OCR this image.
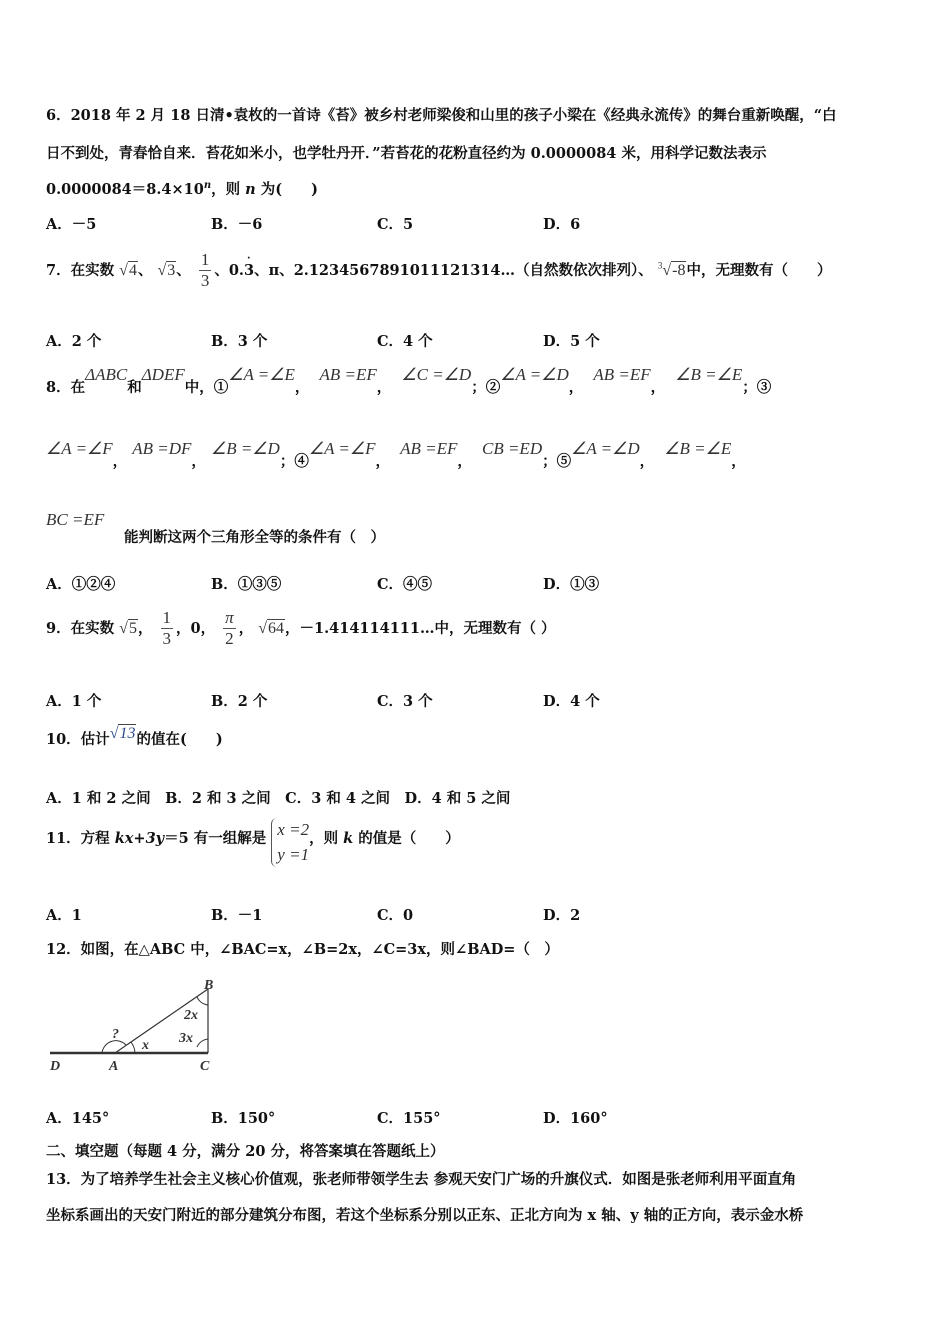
6．2018 年 2 月 18 日清•袁枚的一首诗《苔》被乡村老师梁俊和山里的孩子小梁在《经典永流传》的舞台重新唤醒，“白
日不到处，青春恰自来．苔花如米小，也学牡丹开．”若苔花的花粉直径约为 0.0000084 米，用科学记数法表示
$0.0000084=8.4\times 10^n$，则 n 为(　　)
A．－5	B．－6	C．5	D．6
7．在实数 √4、 √3、 $\frac{1}{3}$ 、0.
·
3、π、2.1234567891011121314…（自然数依次排列）、 $^3$√-8中，无理数有（　　）
A．2 个	B．3 个	C．4 个	D．5 个
8．在ΔABC和ΔDEF中，①∠A =∠E，  AB =EF，  ∠C =∠D；②∠A =∠D，  AB =EF，  ∠B =∠E；③
∠A =∠F， AB =DF， ∠B =∠D；④∠A =∠F，  AB =EF，  CB =ED；⑤∠A =∠D，  ∠B =∠E，
BC =EF
能判断这两个三角形全等的条件有（　）
A．①②④	B．①③⑤	C．④⑤	D．①③
9．在实数 √5， $\frac{1}{3}$ ，0， $\frac{\pi}{2}$ ， √64，－1.414114111…中，无理数有（ ）
A．1 个	B．2 个	C．3 个	D．4 个
10．估计√13的值在(　　)
A．1 和 2 之间　B．2 和 3 之间　C．3 和 4 之间　D．4 和 5 之间
11．方程 kx+3y＝5 有一组解是 x =2
y =1，则 k 的值是（　　）
A．1	B．－1	C．0	D．2
12．如图，在△ABC 中，∠BAC=x，∠B=2x，∠C=3x，则∠BAD=（　）
D	A	C
B
x
2x
3x
?
A．145°	B．150°	C．155°	D．160°
二、填空题（每题 4 分，满分 20 分，将答案填在答题纸上）
13．为了培养学生社会主义核心价值观，张老师带领学生去 参观天安门广场的升旗仪式．如图是张老师利用平面直角
坐标系画出的天安门附近的部分建筑分布图，若这个坐标系分别以正东、正北方向为 x 轴、y 轴的正方向，表示金水桥
